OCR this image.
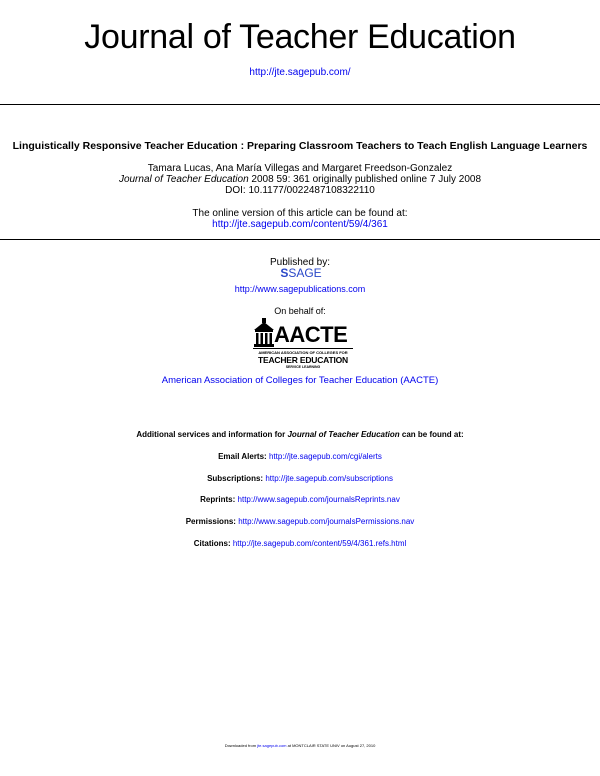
Journal of Teacher Education
http://jte.sagepub.com/
Linguistically Responsive Teacher Education : Preparing Classroom Teachers to Teach English Language Learners
Tamara Lucas, Ana María Villegas and Margaret Freedson-Gonzalez
Journal of Teacher Education 2008 59: 361 originally published online 7 July 2008
DOI: 10.1177/0022487108322110
The online version of this article can be found at:
http://jte.sagepub.com/content/59/4/361
Published by:
SSAGE
http://www.sagepublications.com
On behalf of:
AACTE
AMERICAN ASSOCIATION OF COLLEGES FOR
TEACHER EDUCATION
SERVICE LEARNING
American Association of Colleges for Teacher Education (AACTE)
Additional services and information for Journal of Teacher Education can be found at:
Email Alerts: http://jte.sagepub.com/cgi/alerts
Subscriptions: http://jte.sagepub.com/subscriptions
Reprints: http://www.sagepub.com/journalsReprints.nav
Permissions: http://www.sagepub.com/journalsPermissions.nav
Citations: http://jte.sagepub.com/content/59/4/361.refs.html
Downloaded from jte.sagepub.com at MONTCLAIR STATE UNIV on August 27, 2010
